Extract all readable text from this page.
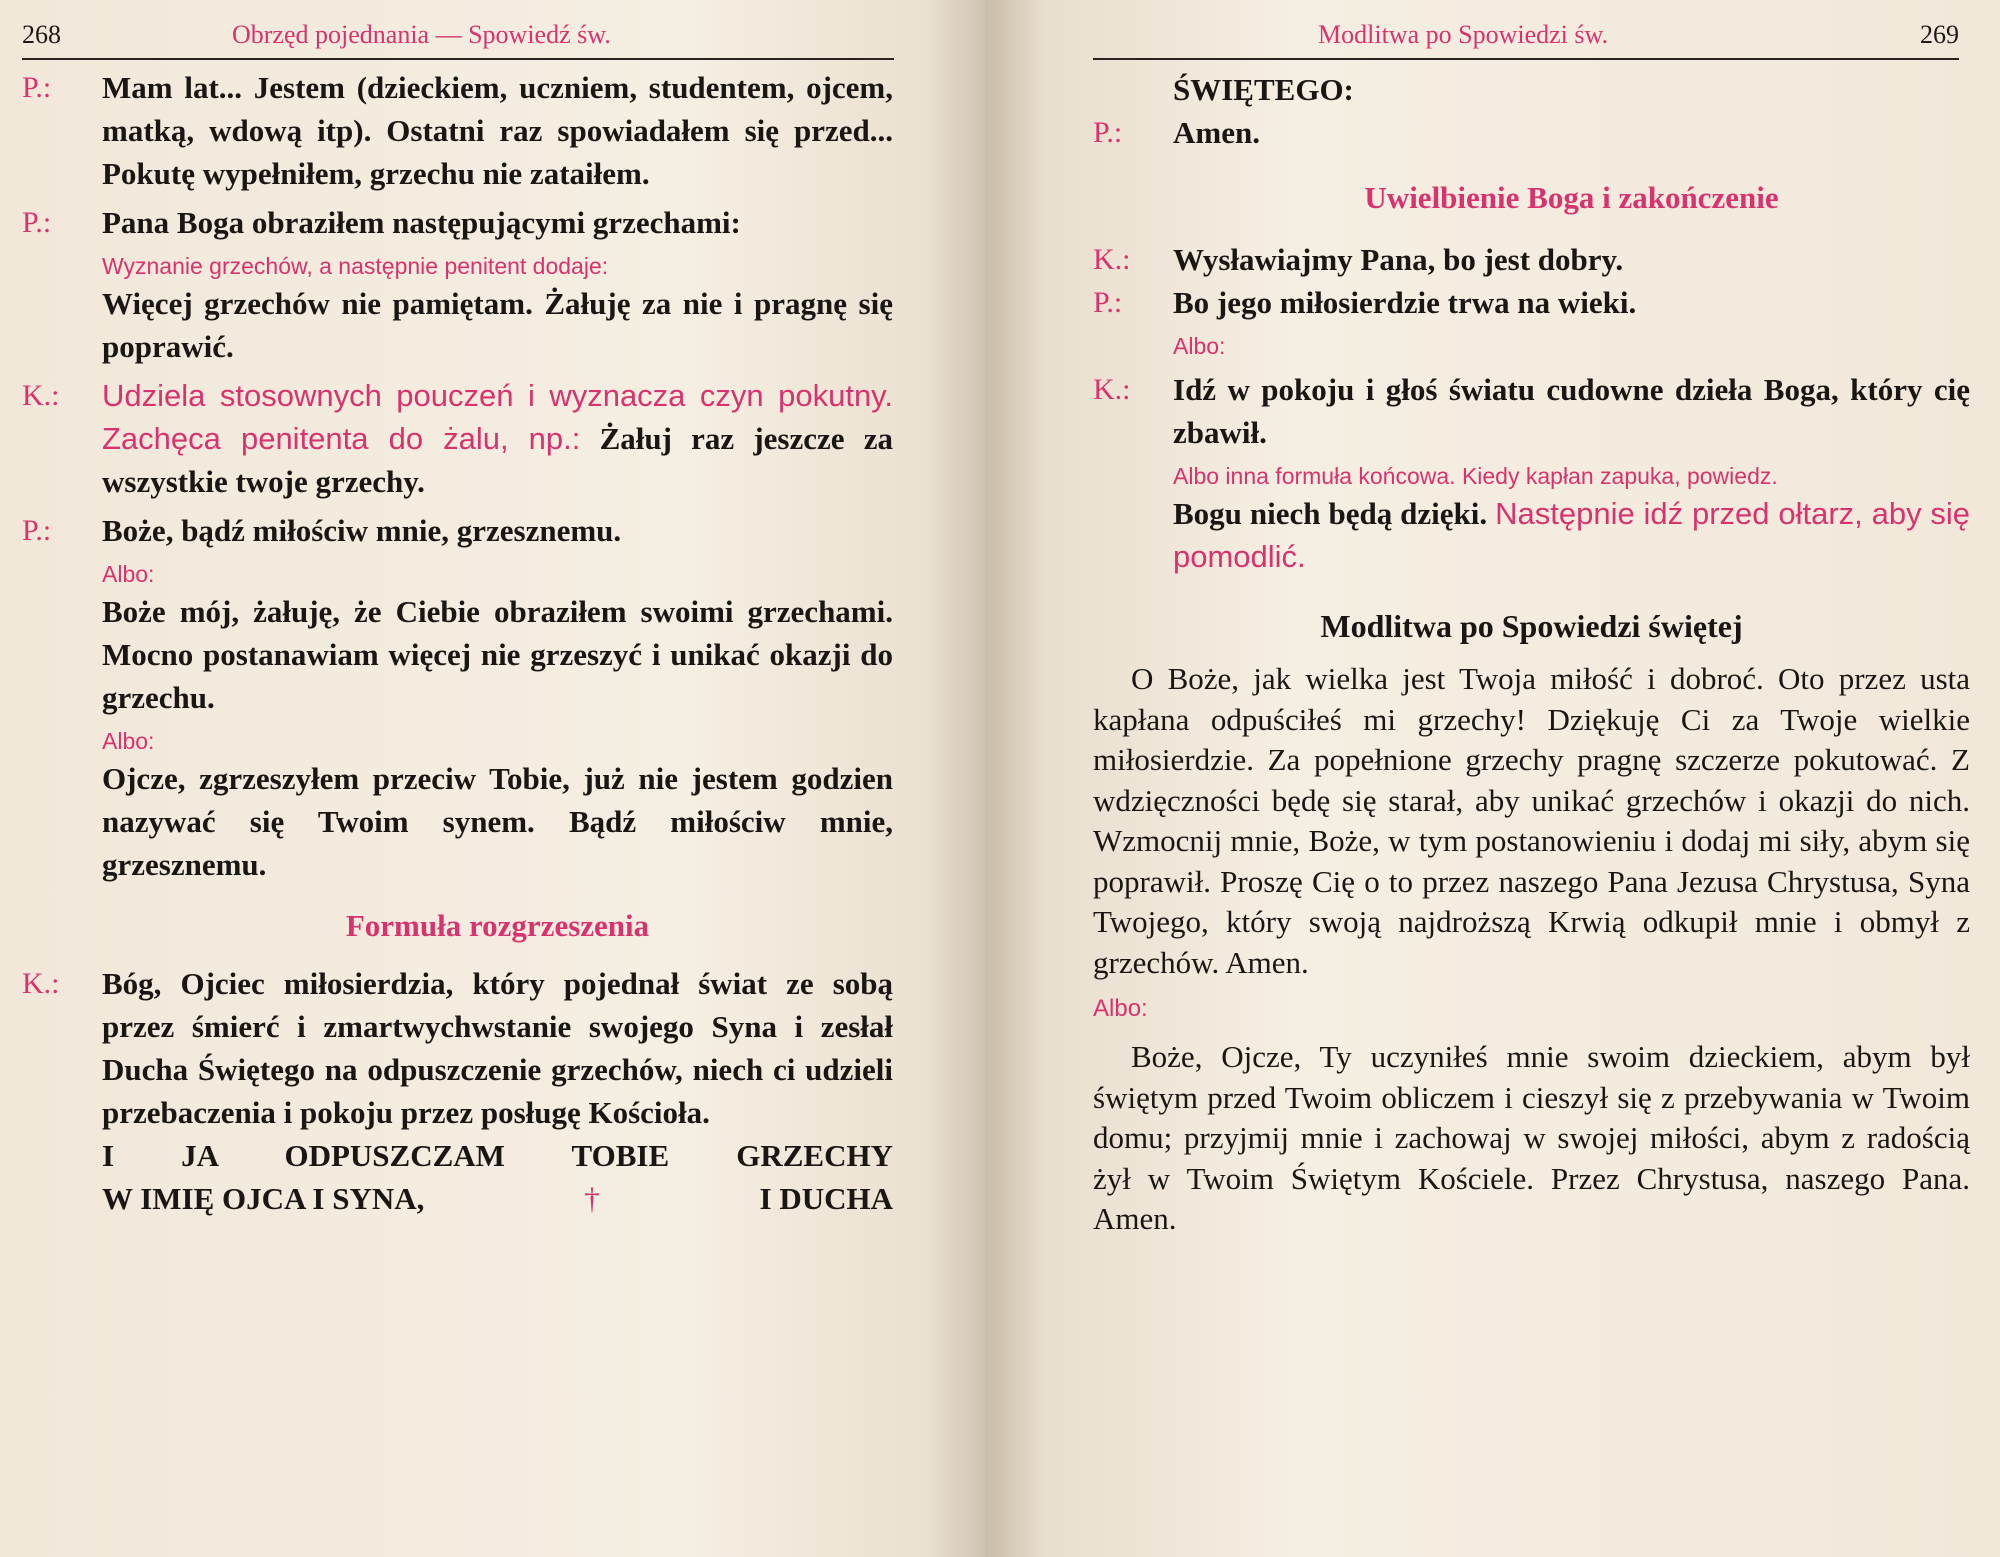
268	Obrzęd pojednania — Spowiedź św.
P.:	Mam lat... Jestem (dzieckiem, uczniem, studentem, ojcem, matką, wdową itp). Ostatni raz spowiadałem się przed... Pokutę wypełniłem, grzechu nie zataiłem.
P.:	Pana Boga obraziłem następującymi grzechami:
Wyznanie grzechów, a następnie penitent dodaje:
Więcej grzechów nie pamiętam. Żałuję za nie i pragnę się poprawić.
K.:	Udziela stosownych pouczeń i wyznacza czyn pokutny. Zachęca penitenta do żalu, np.: Żałuj raz jeszcze za wszystkie twoje grzechy.
P.:	Boże, bądź miłościw mnie, grzesznemu.
Albo:
Boże mój, żałuję, że Ciebie obraziłem swoimi grzechami. Mocno postanawiam więcej nie grzeszyć i unikać okazji do grzechu.
Albo:
Ojcze, zgrzeszyłem przeciw Tobie, już nie jestem godzien nazywać się Twoim synem. Bądź miłościw mnie, grzesznemu.
Formuła rozgrzeszenia
K.:	Bóg, Ojciec miłosierdzia, który pojednał świat ze sobą przez śmierć i zmartwychwstanie swojego Syna i zesłał Ducha Świętego na odpuszczenie grzechów, niech ci udzieli przebaczenia i pokoju przez posługę Kościoła.
I JA ODPUSZCZAM TOBIE GRZECHY
W IMIĘ OJCA I SYNA,	†	I DUCHA
Modlitwa po Spowiedzi św.	269
ŚWIĘTEGO:
P.:	Amen.
Uwielbienie Boga i zakończenie
K.:	Wysławiajmy Pana, bo jest dobry.
P.:	Bo jego miłosierdzie trwa na wieki.
Albo:
K.:	Idź w pokoju i głoś światu cudowne dzieła Boga, który cię zbawił.
Albo inna formuła końcowa. Kiedy kapłan zapuka, powiedz.
Bogu niech będą dzięki. Następnie idź przed ołtarz, aby się pomodlić.
Modlitwa po Spowiedzi świętej
O Boże, jak wielka jest Twoja miłość i dobroć. Oto przez usta kapłana odpuściłeś mi grzechy! Dziękuję Ci za Twoje wielkie miłosierdzie. Za popełnione grzechy pragnę szczerze pokutować. Z wdzięczności będę się starał, aby unikać grzechów i okazji do nich. Wzmocnij mnie, Boże, w tym postanowieniu i dodaj mi siły, abym się poprawił. Proszę Cię o to przez naszego Pana Jezusa Chrystusa, Syna Twojego, który swoją najdroższą Krwią odkupił mnie i obmył z grzechów. Amen.
Albo:
Boże, Ojcze, Ty uczyniłeś mnie swoim dzieckiem, abym był świętym przed Twoim obliczem i cieszył się z przebywania w Twoim domu; przyjmij mnie i zachowaj w swojej miłości, abym z radością żył w Twoim Świętym Kościele. Przez Chrystusa, naszego Pana. Amen.
